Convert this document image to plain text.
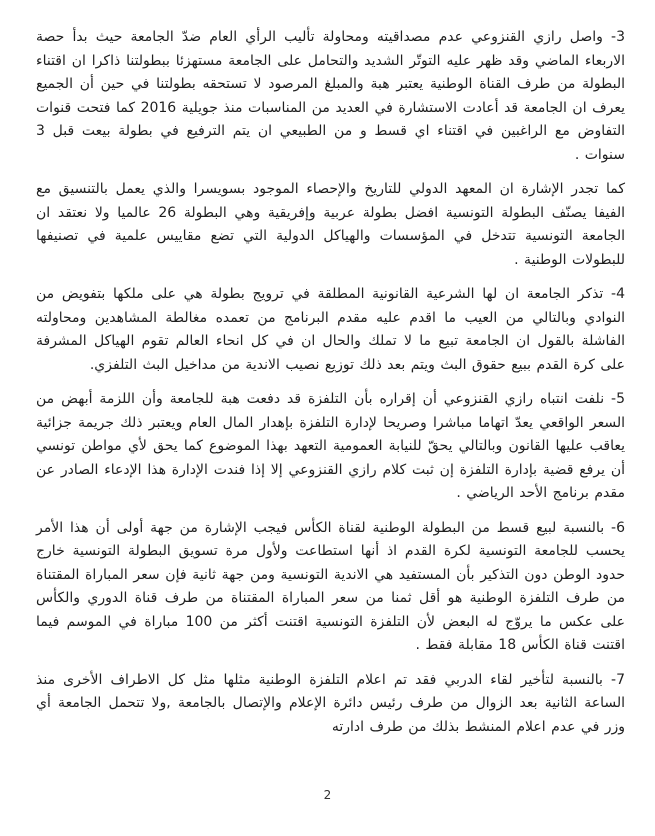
3- واصل رازي القنزوعي عدم مصداقيته ومحاولة تأليب الرأي العام ضدّ الجامعة حيث بدأ حصة الاربعاء الماضي وقد ظهر عليه التوتّر الشديد والتحامل على الجامعة مستهزئا ببطولتنا ذاكرا ان اقتناء البطولة من طرف القناة الوطنية يعتبر هبة والمبلغ المرصود لا تستحقه بطولتنا في حين أن الجميع يعرف ان الجامعة قد أعادت الاستشارة في العديد من المناسبات منذ جويلية 2016 كما فتحت قنوات التفاوض مع الراغبين في اقتناء اي قسط و من الطبيعي ان يتم الترفيع في بطولة بيعت قبل 3 سنوات .

كما تجدر الإشارة ان المعهد الدولي للتاريخ والإحصاء الموجود بسويسرا والذي يعمل بالتنسيق مع الفيفا يصنّف البطولة التونسية افضل بطولة عربية وإفريقية وهي البطولة 26 عالميا ولا نعتقد ان الجامعة التونسية تتدخل في المؤسسات والهياكل الدولية التي تضع مقاييس علمية في تصنيفها للبطولات الوطنية .

4- تذكر الجامعة ان لها الشرعية القانونية المطلقة في ترويج بطولة هي على ملكها بتفويض من النوادي وبالتالي من العيب ما اقدم عليه مقدم البرنامج من تعمده مغالطة المشاهدين ومحاولته الفاشلة بالقول ان الجامعة تبيع ما لا تملك والحال ان في كل انحاء العالم تقوم الهياكل المشرفة على كرة القدم ببيع حقوق البث ويتم بعد ذلك توزيع نصيب الاندية من مداخيل البث التلفزي.

5- نلفت انتباه رازي القنزوعي أن إقراره بأن التلفزة قد دفعت هبة للجامعة وأن اللزمة أبهض من السعر الواقعي يعدّ اتهاما مباشرا وصريحا لإدارة التلفزة بإهدار المال العام ويعتبر ذلك جريمة جزائية يعاقب عليها القانون وبالتالي يحقّ للنيابة العمومية التعهد بهذا الموضوع كما يحق لأي مواطن تونسي أن يرفع قضية بإدارة التلفزة إن ثبت كلام رازي القنزوعي إلا إذا فندت الإدارة هذا الإدعاء الصادر عن مقدم برنامج الأحد الرياضي .

6- بالنسبة لبيع قسط من البطولة الوطنية لقناة الكأس فيجب الإشارة من جهة أولى أن هذا الأمر يحسب للجامعة التونسية لكرة القدم اذ أنها استطاعت ولأول مرة تسويق البطولة التونسية خارج حدود الوطن دون التذكير بأن المستفيد هي الاندية التونسية ومن جهة ثانية فإن سعر المباراة المقتناة من طرف التلفزة الوطنية هو أقل ثمنا من سعر المباراة المقتناة من طرف قناة الدوري والكأس على عكس ما يروّج له البعض لأن التلفزة التونسية اقتنت أكثر من 100 مباراة في الموسم فيما اقتنت قناة الكأس 18 مقابلة فقط .

7- بالنسبة لتأخير لقاء الدربي فقد تم اعلام التلفزة الوطنية مثلها مثل كل الاطراف الأخرى منذ الساعة الثانية بعد الزوال من طرف رئيس دائرة الإعلام والإتصال بالجامعة ,ولا تتحمل الجامعة أي وزر في عدم اعلام المنشط بذلك من طرف ادارته

2
